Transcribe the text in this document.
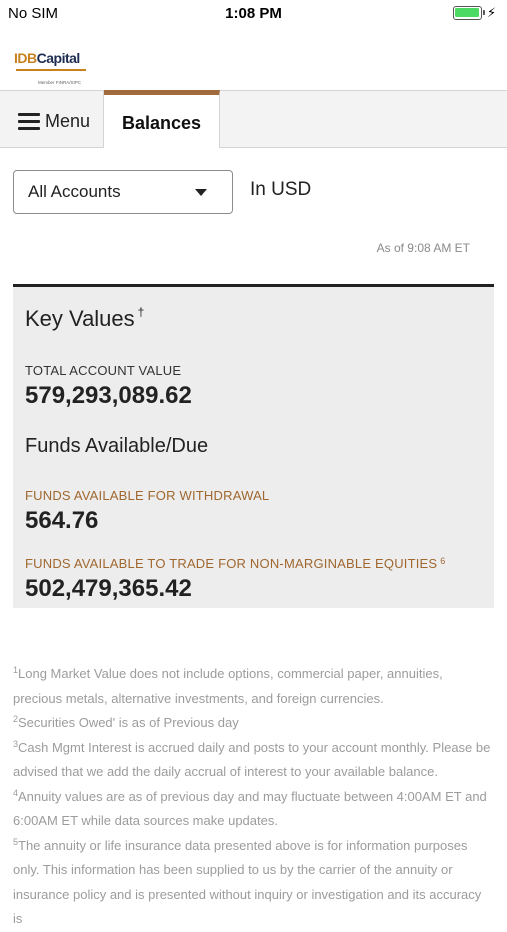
No SIM	1:08 PM	⚡︎
IDBCapital
Member FINRA/SIPC
Menu	Balances
All Accounts	In USD
As of 9:08 AM ET
Key Values †
TOTAL ACCOUNT VALUE
579,293,089.62
Funds Available/Due
FUNDS AVAILABLE FOR WITHDRAWAL
564.76
FUNDS AVAILABLE TO TRADE FOR NON-MARGINABLE EQUITIES $^6$
502,479,365.42

$^1$Long Market Value does not include options, commercial paper, annuities, precious metals, alternative investments, and foreign currencies.

$^2$Securities Owed' is as of Previous day

$^3$Cash Mgmt Interest is accrued daily and posts to your account monthly. Please be advised that we add the daily accrual of interest to your available balance.

$^4$Annuity values are as of previous day and may fluctuate between 4:00AM ET and 6:00AM ET while data sources make updates.

$^5$The annuity or life insurance data presented above is for information purposes only. This information has been supplied to us by the carrier of the annuity or insurance policy and is presented without inquiry or investigation and its accuracy is
